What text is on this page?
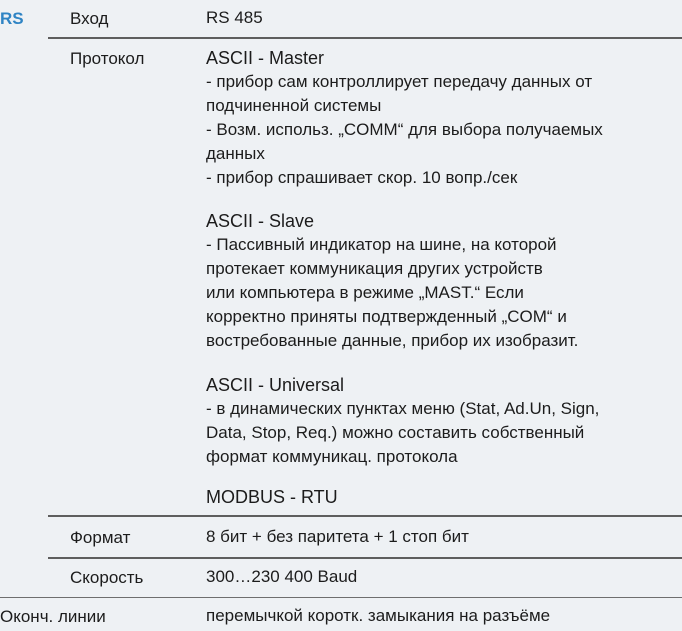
RS	Вход	RS 485
Протокол	ASCII - Master
- прибор сам контроллирует передачу данных от
подчиненной системы
- Возм. использ. „COMM“ для выбора получаемых
данных
- прибор спрашивает скор. 10 вопр./сек
ASCII - Slave
- Пассивный индикатор на шине, на которой
протекает коммуникация других устройств
или компьютера в режиме „MAST.“ Если
корректно приняты подтвержденный „COM“ и
востребованные данные, прибор их изобразит.
ASCII - Universal
- в динамических пунктах меню (Stat, Ad.Un, Sign,
Data, Stop, Req.) можно составить собственный
формат коммуникац. протокола
MODBUS - RTU
Формат	8 бит + без паритета + 1 стоп бит
Скорость	300…230 400 Baud
Оконч. линии	перемычкой коротк. замыкания на разъёме
